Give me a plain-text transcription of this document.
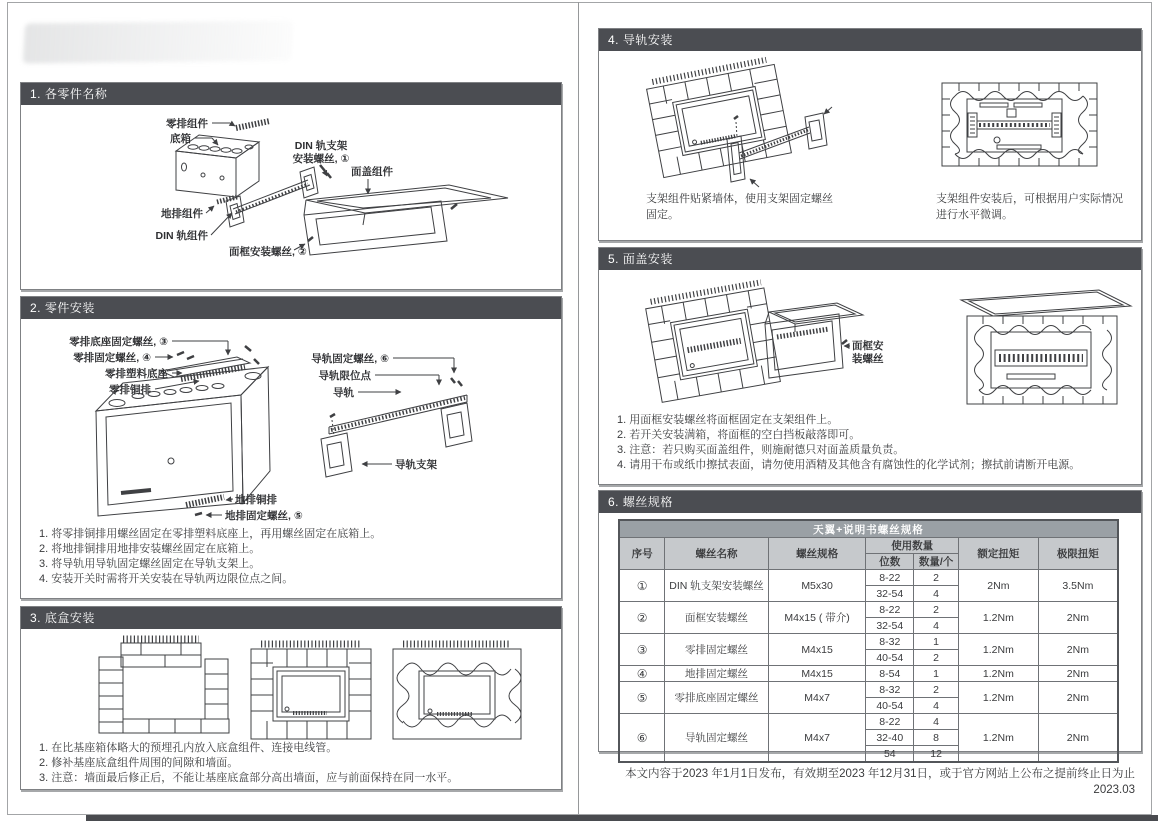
1. 各零件名称
零排组件
底箱
DIN 轨支架
安装螺丝, ①
面盖组件
地排组件
DIN 轨组件
面框安装螺丝, ②
2. 零件安装
零排底座固定螺丝, ③
零排固定螺丝, ④
零排塑料底座
零排铜排
导轨固定螺丝, ⑥
导轨限位点
导轨
导轨支架
地排铜排
地排固定螺丝, ⑤
1. 将零排铜排用螺丝固定在零排塑料底座上，再用螺丝固定在底箱上。
2. 将地排铜排用地排安装螺丝固定在底箱上。
3. 将导轨用导轨固定螺丝固定在导轨支架上。
4. 安装开关时需将开关安装在导轨两边限位点之间。
3. 底盒安装
1. 在比基座箱体略大的预埋孔内放入底盒组件、连接电线管。
2. 修补基座底盒组件周围的间隙和墙面。
3. 注意：墙面最后修正后，不能让基座底盒部分高出墙面，应与前面保持在同一水平。
4. 导轨安装
支架组件贴紧墙体，使用支架固定螺丝固定。
支架组件安装后，可根据用户实际情况进行水平微调。
5. 面盖安装
面框安
装螺丝
1. 用面框安装螺丝将面框固定在支架组件上。
2. 若开关安装满箱，将面框的空白挡板敲落即可。
3. 注意：若只购买面盖组件，则施耐德只对面盖质量负责。
4. 请用干布或纸巾擦拭表面，请勿使用酒精及其他含有腐蚀性的化学试剂；擦拭前请断开电源。
6. 螺丝规格
天翼+说明书螺丝规格						
序号	螺丝名称	螺丝规格	使用数量		额定扭矩	极限扭矩
			位数	数量/个		
①	DIN 轨支架安装螺丝	M5x30	8-22	2	2Nm	3.5Nm
			32-54	4		
②	面框安装螺丝	M4x15 ( 带介)	8-22	2	1.2Nm	2Nm
			32-54	4		
③	零排固定螺丝	M4x15	8-32	1	1.2Nm	2Nm
			40-54	2		
④	地排固定螺丝	M4x15	8-54	1	1.2Nm	2Nm
⑤	零排底座固定螺丝	M4x7	8-32	2	1.2Nm	2Nm
			40-54	4		
⑥	导轨固定螺丝	M4x7	8-22	4	1.2Nm	2Nm
			32-40	8		
			54	12		
本文内容于2023 年1月1日发布，有效期至2023 年12月31日，或于官方网站上公布之提前终止日为止
2023.03
